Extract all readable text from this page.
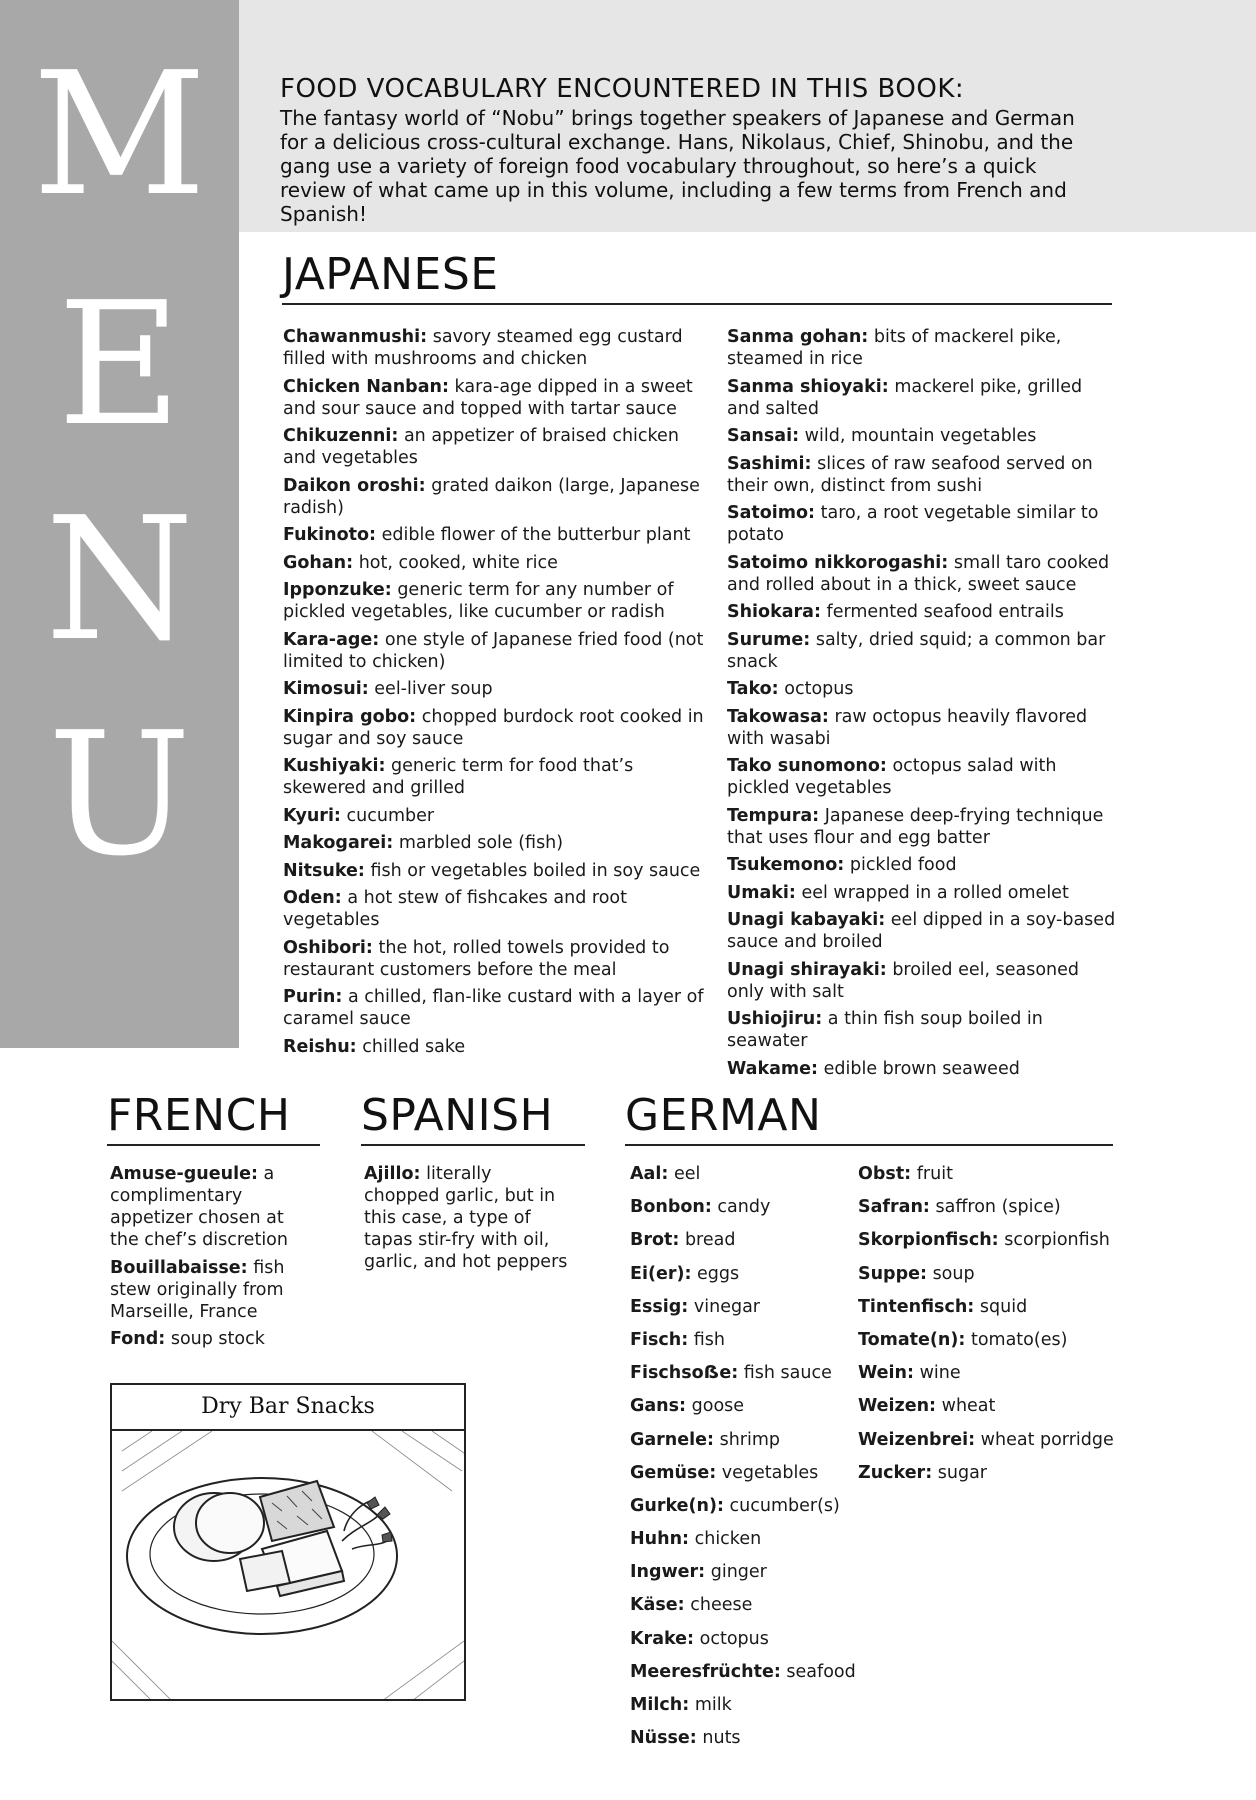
M
E
N
U
FOOD VOCABULARY ENCOUNTERED IN THIS BOOK:
The fantasy world of “Nobu” brings together speakers of Japanese and German for a delicious cross-cultural exchange. Hans, Nikolaus, Chief, Shinobu, and the gang use a variety of foreign food vocabulary throughout, so here’s a quick review of what came up in this volume, including a few terms from French and Spanish!
JAPANESE
Chawanmushi: savory steamed egg custard filled with mushrooms and chicken
Chicken Nanban: kara-age dipped in a sweet and sour sauce and topped with tartar sauce
Chikuzenni: an appetizer of braised chicken and vegetables
Daikon oroshi: grated daikon (large, Japanese radish)
Fukinoto: edible flower of the butterbur plant
Gohan: hot, cooked, white rice
Ipponzuke: generic term for any number of pickled vegetables, like cucumber or radish
Kara-age: one style of Japanese fried food (not limited to chicken)
Kimosui: eel-liver soup
Kinpira gobo: chopped burdock root cooked in sugar and soy sauce
Kushiyaki: generic term for food that’s skewered and grilled
Kyuri: cucumber
Makogarei: marbled sole (fish)
Nitsuke: fish or vegetables boiled in soy sauce
Oden: a hot stew of fishcakes and root vegetables
Oshibori: the hot, rolled towels provided to restaurant customers before the meal
Purin: a chilled, flan-like custard with a layer of caramel sauce
Reishu: chilled sake
Sanma gohan: bits of mackerel pike, steamed in rice
Sanma shioyaki: mackerel pike, grilled and salted
Sansai: wild, mountain vegetables
Sashimi: slices of raw seafood served on their own, distinct from sushi
Satoimo: taro, a root vegetable similar to potato
Satoimo nikkorogashi: small taro cooked and rolled about in a thick, sweet sauce
Shiokara: fermented seafood entrails
Surume: salty, dried squid; a common bar snack
Tako: octopus
Takowasa: raw octopus heavily flavored with wasabi
Tako sunomono: octopus salad with pickled vegetables
Tempura: Japanese deep-frying technique that uses flour and egg batter
Tsukemono: pickled food
Umaki: eel wrapped in a rolled omelet
Unagi kabayaki: eel dipped in a soy-based sauce and broiled
Unagi shirayaki: broiled eel, seasoned only with salt
Ushiojiru: a thin fish soup boiled in seawater
Wakame: edible brown seaweed
FRENCH
Amuse-gueule: a complimentary appetizer chosen at the chef’s discretion
Bouillabaisse: fish stew originally from Marseille, France
Fond: soup stock
SPANISH
Ajillo: literally chopped garlic, but in this case, a type of tapas stir-fry with oil, garlic, and hot peppers
GERMAN
Aal: eel
Bonbon: candy
Brot: bread
Ei(er): eggs
Essig: vinegar
Fisch: fish
Fischsoẞe: fish sauce
Gans: goose
Garnele: shrimp
Gemüse: vegetables
Gurke(n): cucumber(s)
Huhn: chicken
Ingwer: ginger
Käse: cheese
Krake: octopus
Meeresfrüchte: seafood
Milch: milk
Nüsse: nuts
Obst: fruit
Safran: saffron (spice)
Skorpionfisch: scorpionfish
Suppe: soup
Tintenfisch: squid
Tomate(n): tomato(es)
Wein: wine
Weizen: wheat
Weizenbrei: wheat porridge
Zucker: sugar
Dry Bar Snacks
